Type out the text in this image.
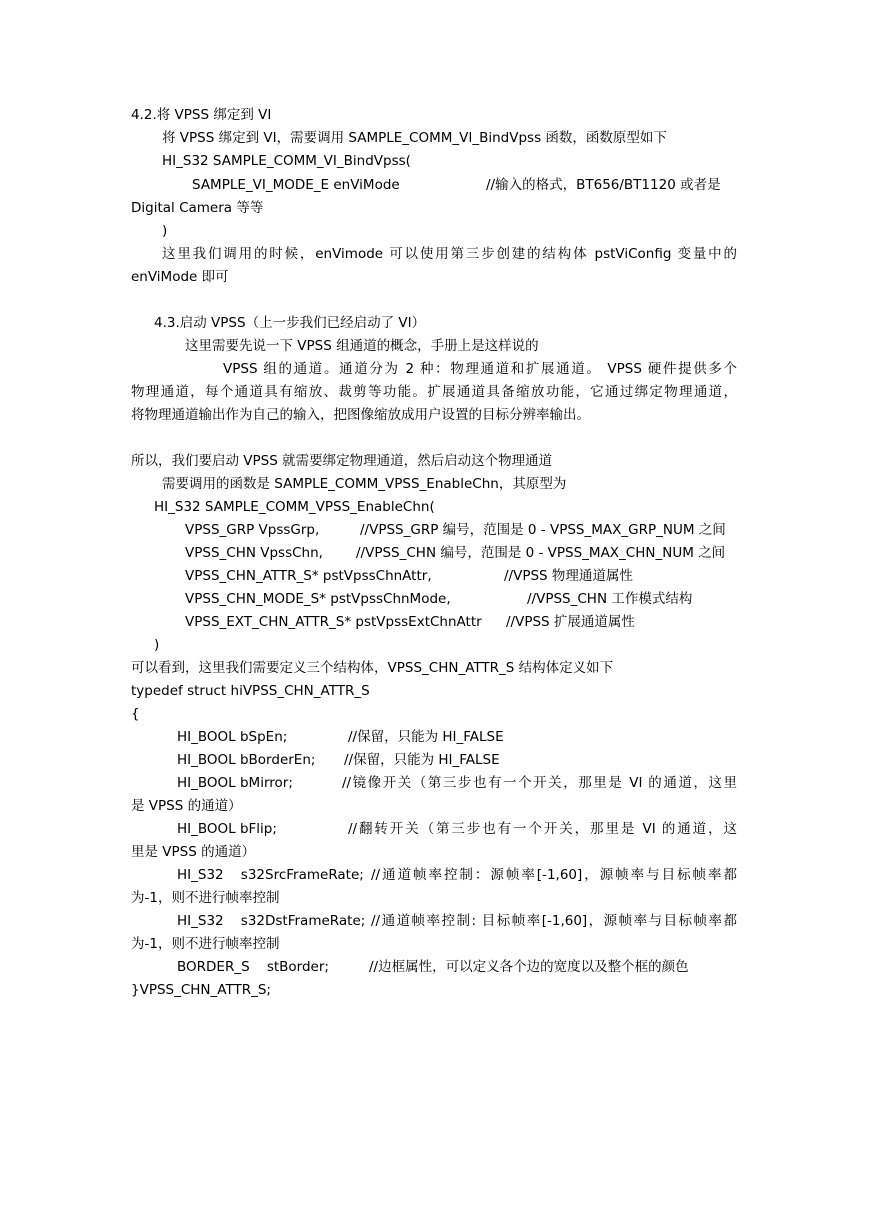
4.2.将 VPSS 绑定到 VI
将 VPSS 绑定到 VI，需要调用 SAMPLE_COMM_VI_BindVpss 函数，函数原型如下
HI_S32 SAMPLE_COMM_VI_BindVpss(
SAMPLE_VI_MODE_E enViMode	//输入的格式，BT656/BT1120 或者是
Digital Camera 等等
)
这里我们调用的时候，enVimode 可以使用第三步创建的结构体 pstViConfig 变量中的
enViMode 即可
4.3.启动 VPSS（上一步我们已经启动了 VI）
这里需要先说一下 VPSS 组通道的概念，手册上是这样说的
VPSS 组的通道。通道分为 2 种：物理通道和扩展通道。 VPSS 硬件提供多个
物理通道，每个通道具有缩放、裁剪等功能。扩展通道具备缩放功能，它通过绑定物理通道，
将物理通道输出作为自己的输入，把图像缩放成用户设置的目标分辨率输出。
所以，我们要启动 VPSS 就需要绑定物理通道，然后启动这个物理通道
需要调用的函数是 SAMPLE_COMM_VPSS_EnableChn，其原型为
HI_S32 SAMPLE_COMM_VPSS_EnableChn(
VPSS_GRP VpssGrp,	//VPSS_GRP 编号，范围是 0 - VPSS_MAX_GRP_NUM 之间
VPSS_CHN VpssChn, //VPSS_CHN 编号，范围是 0 - VPSS_MAX_CHN_NUM 之间
VPSS_CHN_ATTR_S* pstVpssChnAttr,	//VPSS 物理通道属性
VPSS_CHN_MODE_S* pstVpssChnMode,	//VPSS_CHN 工作模式结构
VPSS_EXT_CHN_ATTR_S* pstVpssExtChnAttr //VPSS 扩展通道属性
)
可以看到，这里我们需要定义三个结构体，VPSS_CHN_ATTR_S 结构体定义如下
typedef struct hiVPSS_CHN_ATTR_S
{
HI_BOOL bSpEn;	//保留，只能为 HI_FALSE
HI_BOOL bBorderEn; //保留，只能为 HI_FALSE
HI_BOOL bMirror;	//镜像开关（第三步也有一个开关，那里是 VI 的通道，这里
是 VPSS 的通道）
HI_BOOL bFlip;	//翻转开关（第三步也有一个开关，那里是 VI 的通道，这
里是 VPSS 的通道）
HI_S32    s32SrcFrameRate; //通道帧率控制：源帧率[-1,60]，源帧率与目标帧率都
为-1，则不进行帧率控制
HI_S32    s32DstFrameRate; //通道帧率控制: 目标帧率[-1,60]，源帧率与目标帧率都
为-1，则不进行帧率控制
BORDER_S    stBorder;	//边框属性，可以定义各个边的宽度以及整个框的颜色
}VPSS_CHN_ATTR_S;
